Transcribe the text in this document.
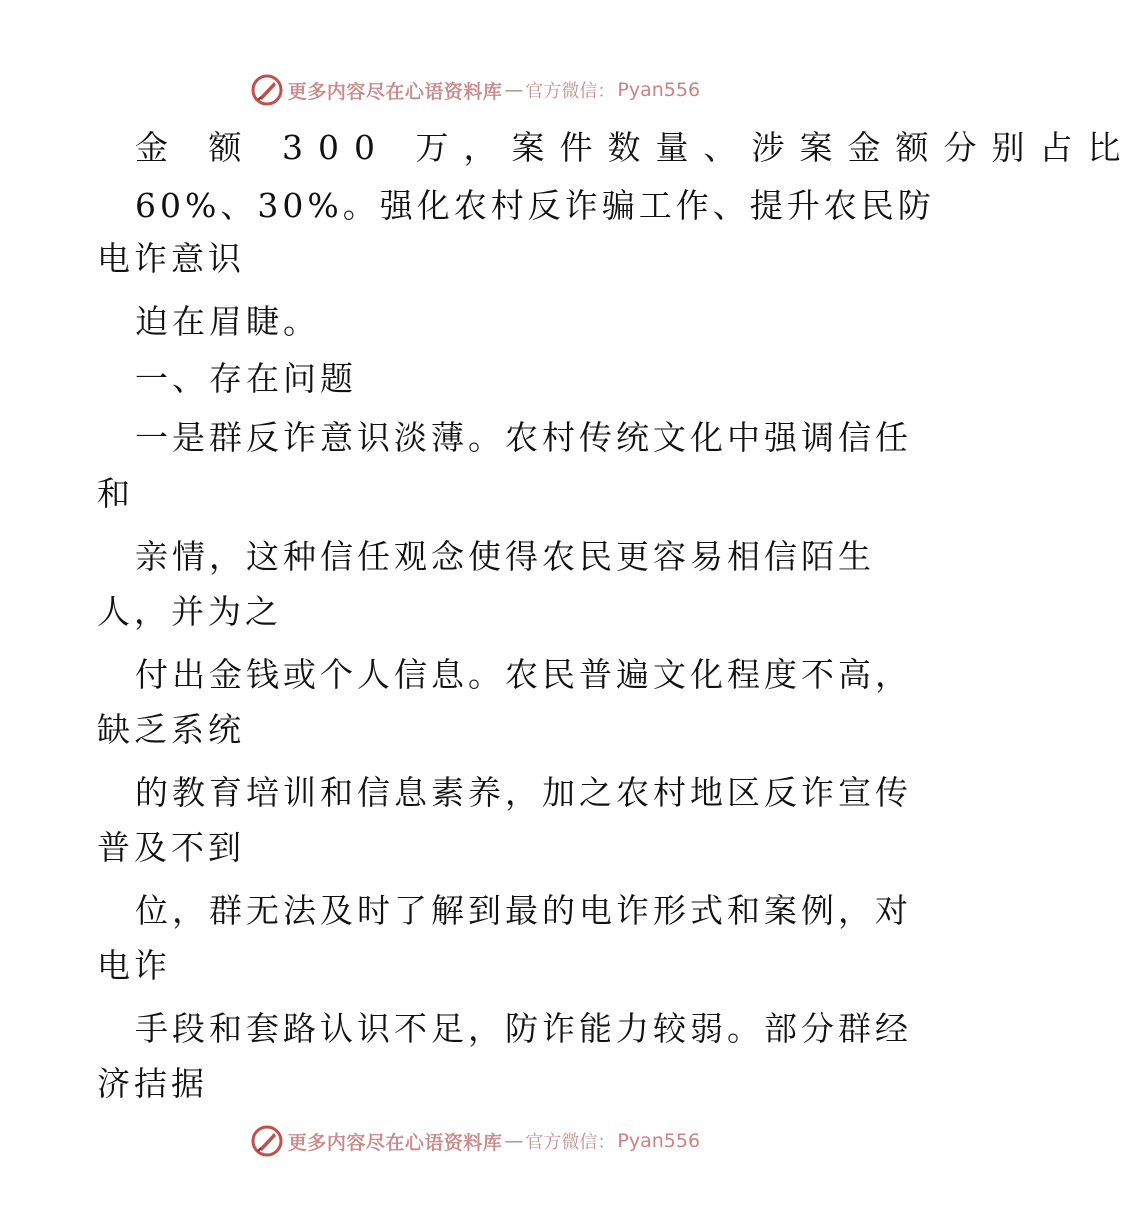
更多内容尽在心语资料库 — 官方微信： Pyan556
金 额 300 万，案件数量、涉案金额分别占比
60%、30%。强化农村反诈骗工作、提升农民防
电诈意识
迫在眉睫。
一、存在问题
一是群反诈意识淡薄。农村传统文化中强调信任
和
亲情，这种信任观念使得农民更容易相信陌生
人，并为之
付出金钱或个人信息。农民普遍文化程度不高，
缺乏系统
的教育培训和信息素养，加之农村地区反诈宣传
普及不到
位，群无法及时了解到最的电诈形式和案例，对
电诈
手段和套路认识不足，防诈能力较弱。部分群经
济拮据
更多内容尽在心语资料库 — 官方微信： Pyan556
